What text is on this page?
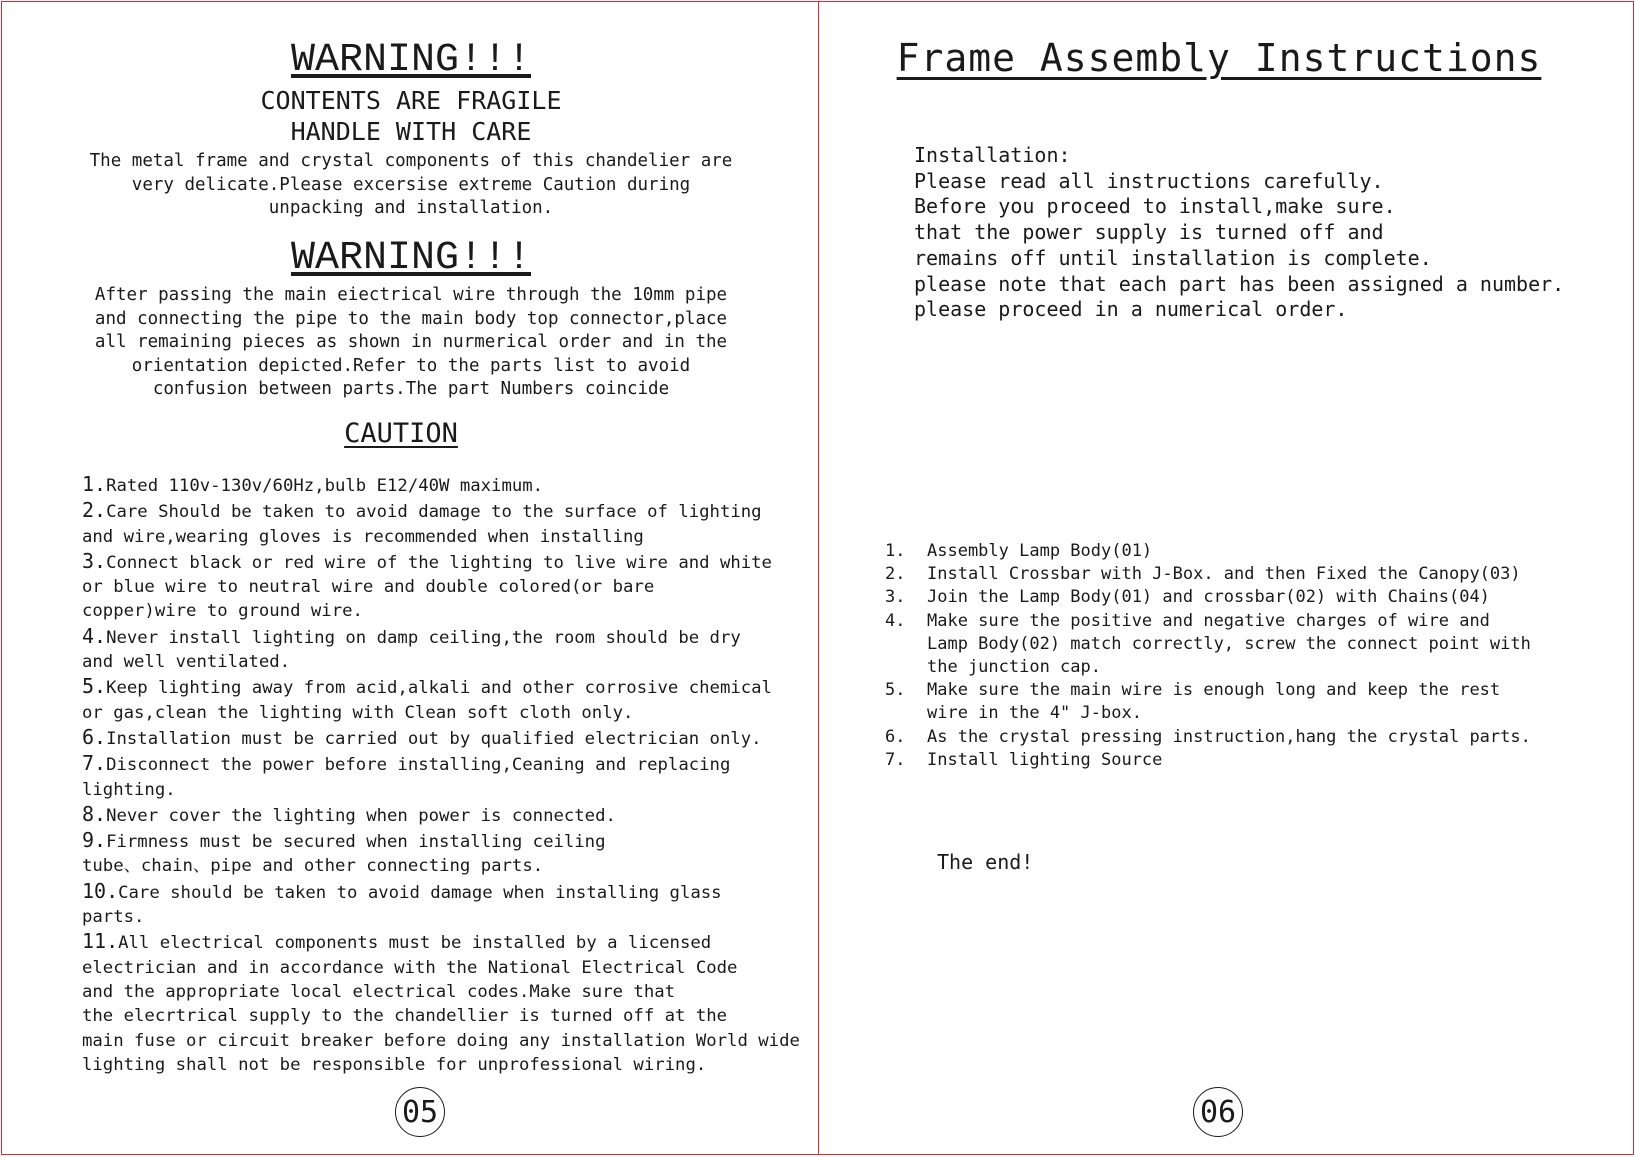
WARNING!!!
CONTENTS ARE FRAGILE
HANDLE WITH CARE
The metal frame and crystal components of this chandelier are
very delicate.Please excersise extreme Caution during
unpacking and installation.
WARNING!!!
After passing the main eiectrical wire through the 10mm pipe
and connecting the pipe to the main body top connector,place
all remaining pieces as shown in nurmerical order and in the
orientation depicted.Refer to the parts list to avoid
confusion between parts.The part Numbers coincide
CAUTION
1.Rated 110v-130v/60Hz,bulb E12/40W maximum.
2.Care Should be taken to avoid damage to the surface of lighting
and wire,wearing gloves is recommended when installing
3.Connect black or red wire of the lighting to live wire and white
or blue wire to neutral wire and double colored(or bare
copper)wire to ground wire.
4.Never install lighting on damp ceiling,the room should be dry
and well ventilated.
5.Keep lighting away from acid,alkali and other corrosive chemical
or gas,clean the lighting with Clean soft cloth only.
6.Installation must be carried out by qualified electrician only.
7.Disconnect the power before installing,Ceaning and replacing
lighting.
8.Never cover the lighting when power is connected.
9.Firmness must be secured when installing ceiling
tube、chain、pipe and other connecting parts.
10.Care should be taken to avoid damage when installing glass
parts.
11.All electrical components must be installed by a licensed
electrician and in accordance with the National Electrical Code
and the appropriate local electrical codes.Make sure that
the elecrtrical supply to the chandellier is turned off at the
main fuse or circuit breaker before doing any installation World wide
lighting shall not be responsible for unprofessional wiring.
05
Frame Assembly Instructions
Installation:
Please read all instructions carefully.
Before you proceed to install,make sure.
that the power supply is turned off and
remains off until installation is complete.
please note that each part has been assigned a number.
please proceed in a numerical order.
1. Assembly Lamp Body(01)
2. Install Crossbar with J-Box. and then Fixed the Canopy(03)
3. Join the Lamp Body(01) and crossbar(02) with Chains(04)
4. Make sure the positive and negative charges of wire and
Lamp Body(02) match correctly, screw the connect point with
the junction cap.
5. Make sure the main wire is enough long and keep the rest
wire in the 4" J-box.
6. As the crystal pressing instruction,hang the crystal parts.
7. Install lighting Source
The end!
06
